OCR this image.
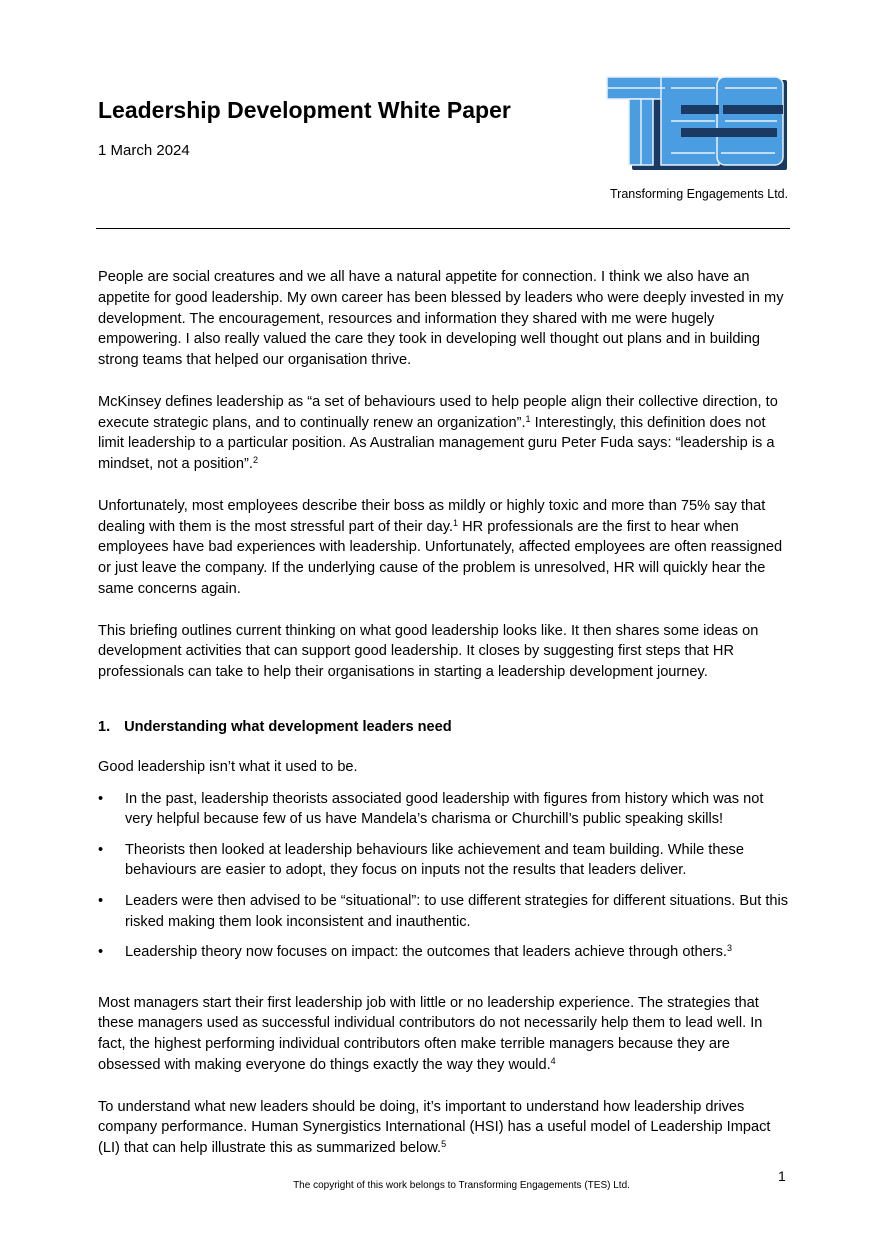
Leadership Development White Paper
1 March 2024
Transforming Engagements Ltd.

People are social creatures and we all have a natural appetite for connection. I think we also have an appetite for good leadership. My own career has been blessed by leaders who were deeply invested in my development. The encouragement, resources and information they shared with me were hugely empowering. I also really valued the care they took in developing well thought out plans and in building strong teams that helped our organisation thrive.

McKinsey defines leadership as “a set of behaviours used to help people align their collective direction, to execute strategic plans, and to continually renew an organization”.$^1$ Interestingly, this definition does not limit leadership to a particular position. As Australian management guru Peter Fuda says: “leadership is a mindset, not a position”.$^2$

Unfortunately, most employees describe their boss as mildly or highly toxic and more than 75% say that dealing with them is the most stressful part of their day.$^1$ HR professionals are the first to hear when employees have bad experiences with leadership. Unfortunately, affected employees are often reassigned or just leave the company. If the underlying cause of the problem is unresolved, HR will quickly hear the same concerns again.

This briefing outlines current thinking on what good leadership looks like. It then shares some ideas on development activities that can support good leadership. It closes by suggesting first steps that HR professionals can take to help their organisations in starting a leadership development journey.

1. Understanding what development leaders need

Good leadership isn’t what it used to be.

• In the past, leadership theorists associated good leadership with figures from history which was not very helpful because few of us have Mandela’s charisma or Churchill’s public speaking skills!
• Theorists then looked at leadership behaviours like achievement and team building. While these behaviours are easier to adopt, they focus on inputs not the results that leaders deliver.
• Leaders were then advised to be “situational”: to use different strategies for different situations. But this risked making them look inconsistent and inauthentic.
• Leadership theory now focuses on impact: the outcomes that leaders achieve through others.$^3$

Most managers start their first leadership job with little or no leadership experience. The strategies that these managers used as successful individual contributors do not necessarily help them to lead well. In fact, the highest performing individual contributors often make terrible managers because they are obsessed with making everyone do things exactly the way they would.$^4$

To understand what new leaders should be doing, it’s important to understand how leadership drives company performance. Human Synergistics International (HSI) has a useful model of Leadership Impact (LI) that can help illustrate this as summarized below.$^5$

1
The copyright of this work belongs to Transforming Engagements (TES) Ltd.
